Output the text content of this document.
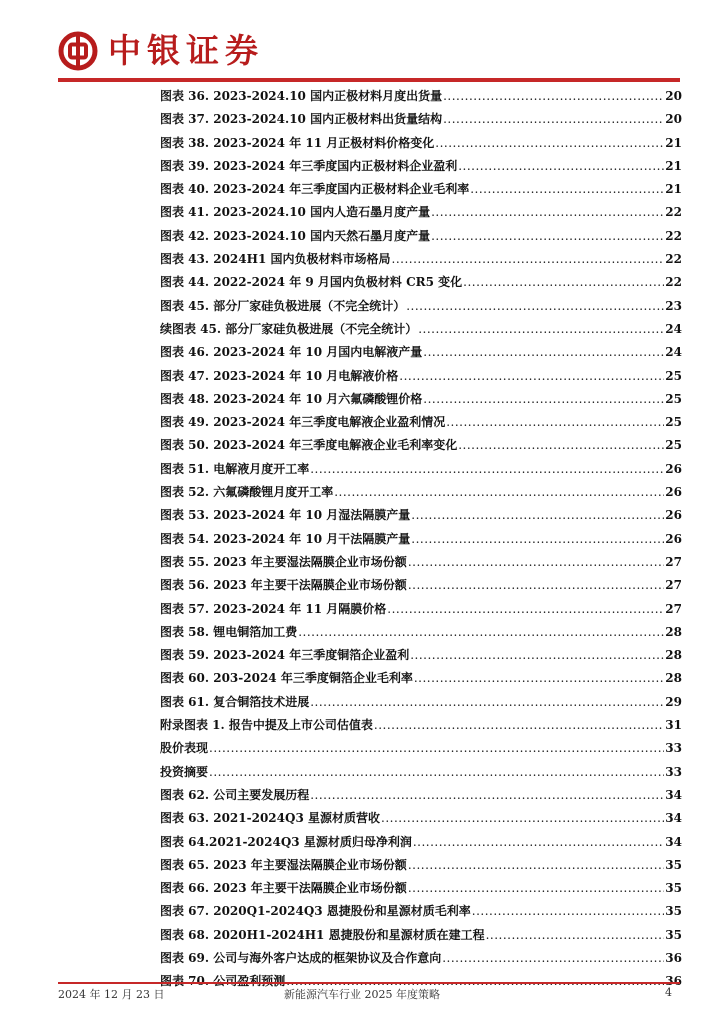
中银证券
图表 36. 2023-2024.10 国内正极材料月度出货量 .....	20
图表 37. 2023-2024.10 国内正极材料出货量结构 .....	20
图表 38. 2023-2024 年 11 月正极材料价格变化 .....	21
图表 39. 2023-2024 年三季度国内正极材料企业盈利 .....	21
图表 40. 2023-2024 年三季度国内正极材料企业毛利率 .....	21
图表 41. 2023-2024.10 国内人造石墨月度产量 .....	22
图表 42. 2023-2024.10 国内天然石墨月度产量 .....	22
图表 43. 2024H1 国内负极材料市场格局 .....	22
图表 44. 2022-2024 年 9 月国内负极材料 CR5 变化 .....	22
图表 45. 部分厂家硅负极进展（不完全统计） .....	23
续图表 45. 部分厂家硅负极进展（不完全统计） .....	24
图表 46. 2023-2024 年 10 月国内电解液产量 .....	24
图表 47. 2023-2024 年 10 月电解液价格 .....	25
图表 48. 2023-2024 年 10 月六氟磷酸锂价格 .....	25
图表 49. 2023-2024 年三季度电解液企业盈利情况 .....	25
图表 50. 2023-2024 年三季度电解液企业毛利率变化 .....	25
图表 51. 电解液月度开工率 .....	26
图表 52. 六氟磷酸锂月度开工率 .....	26
图表 53. 2023-2024 年 10 月湿法隔膜产量 .....	26
图表 54. 2023-2024 年 10 月干法隔膜产量 .....	26
图表 55. 2023 年主要湿法隔膜企业市场份额 .....	27
图表 56. 2023 年主要干法隔膜企业市场份额 .....	27
图表 57. 2023-2024 年 11 月隔膜价格 .....	27
图表 58. 锂电铜箔加工费 .....	28
图表 59. 2023-2024 年三季度铜箔企业盈利 .....	28
图表 60. 203-2024 年三季度铜箔企业毛利率 .....	28
图表 61. 复合铜箔技术进展 .....	29
附录图表 1. 报告中提及上市公司估值表 .....	31
股价表现 .....	33
投资摘要 .....	33
图表 62. 公司主要发展历程 .....	34
图表 63. 2021-2024Q3 星源材质营收 .....	34
图表 64.2021-2024Q3 星源材质归母净利润 .....	34
图表 65. 2023 年主要湿法隔膜企业市场份额 .....	35
图表 66. 2023 年主要干法隔膜企业市场份额 .....	35
图表 67. 2020Q1-2024Q3 恩捷股份和星源材质毛利率 .....	35
图表 68. 2020H1-2024H1 恩捷股份和星源材质在建工程 .....	35
图表 69. 公司与海外客户达成的框架协议及合作意向 .....	36
图表 70. 公司盈利预测 .....	36
2024 年 12 月 23 日	新能源汽车行业 2025 年度策略	4
